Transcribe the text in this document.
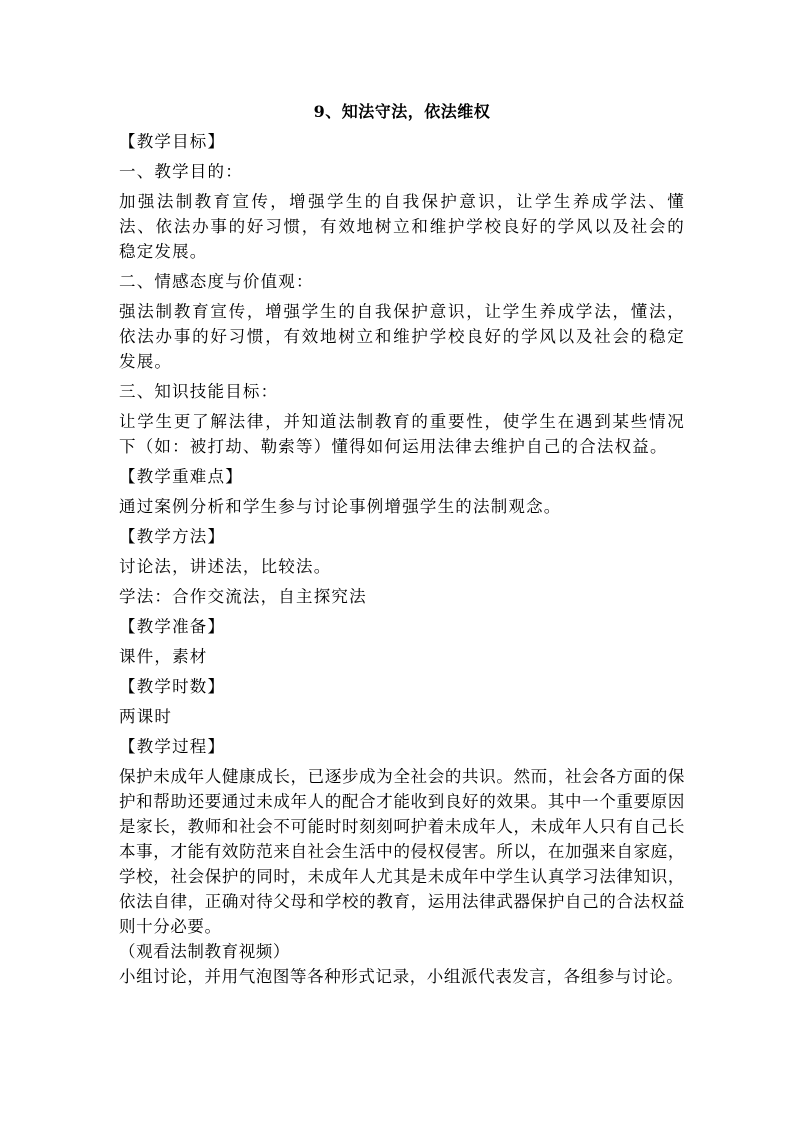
9、知法守法，依法维权
【教学目标】
一、教学目的：
加强法制教育宣传，增强学生的自我保护意识，让学生养成学法、懂法、依法办事的好习惯，有效地树立和维护学校良好的学风以及社会的稳定发展。
二、情感态度与价值观：
强法制教育宣传，增强学生的自我保护意识，让学生养成学法，懂法，依法办事的好习惯，有效地树立和维护学校良好的学风以及社会的稳定发展。
三、知识技能目标：
让学生更了解法律，并知道法制教育的重要性，使学生在遇到某些情况下（如：被打劫、勒索等）懂得如何运用法律去维护自己的合法权益。
【教学重难点】
通过案例分析和学生参与讨论事例增强学生的法制观念。
【教学方法】
讨论法，讲述法，比较法。
学法：合作交流法，自主探究法
【教学准备】
课件，素材
【教学时数】
两课时
【教学过程】
保护未成年人健康成长，已逐步成为全社会的共识。然而，社会各方面的保护和帮助还要通过未成年人的配合才能收到良好的效果。其中一个重要原因是家长，教师和社会不可能时时刻刻呵护着未成年人，未成年人只有自己长本事，才能有效防范来自社会生活中的侵权侵害。所以，在加强来自家庭，学校，社会保护的同时，未成年人尤其是未成年中学生认真学习法律知识，依法自律，正确对待父母和学校的教育，运用法律武器保护自己的合法权益则十分必要。
（观看法制教育视频）
小组讨论，并用气泡图等各种形式记录，小组派代表发言，各组参与讨论。
